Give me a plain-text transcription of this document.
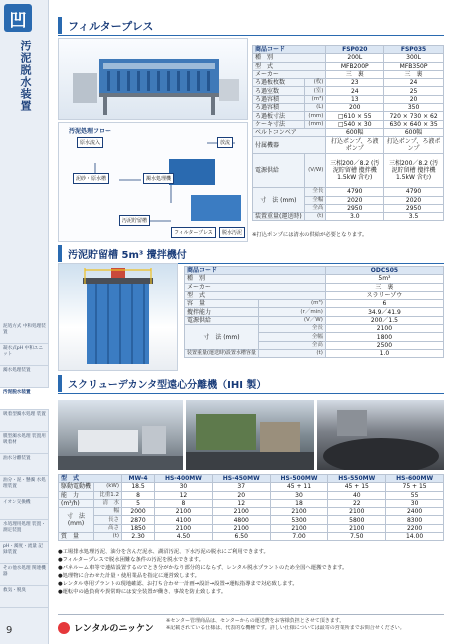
凹
汚泥脱水装置
泥処方式 中和処理装置
凝水式pH 中和ユニット
濁水処理装置
汚泥脱水装置
吸着型濁水処理 装置
膜型濁水処理 装置用吸着材
油水分離装置
油分・泥・懸濁 水処理装置
イオン交換機
水処理用処理 装置・測定装置
pH・濁度・流量 記録装置
その他水処理 関連機器
救気・脱臭
9
フィルタープレス
汚泥処理フロー
原水流入
泥砂・原水槽	濁水処理機
汚泥貯留槽
フィルタープレス	脱水汚泥
放流
商品コード		FSP020	FSP035
種　別		200L	300L
型　式		MFB200P	MFB350P
メーカー		三　裏	三　裏
ろ過板枚数	(枚)	23	24
ろ過室数	(室)	24	25
ろ過容積	(m³)	13	20
ろ過容積	(L)	200	350
ろ過板寸法	(mm)	□610 × 55	720 × 730 × 62
ケーキ寸法	(mm)	□540 × 30	630 × 640 × 35
ベルトコンベア		600幅	600幅
付属機器		打込ポンプ、ろ液ポンプ	打込ポンプ、ろ液ポンプ
電源供給	(V/W)	三相200／8.2 (汚泥貯留槽 攪拌機 1.5kW 含む)	三相200／8.2 (汚泥貯留槽 攪拌機 1.5kW 含む)
寸　法 (mm)	全長	4790	4790
	全幅	2020	2020
	全高	2950	2950
装置重量(運送時)	(t)	3.0	3.5
※打込ポンプには清水の供給が必要となります。
汚泥貯留槽 5m³ 攪拌機付
商品コード		ODCS05
種　別		5m³
メーカー		三　裏
型　式		スラリーゾウ
容　量	(m³)	6
攪拌能力	(r／min)	34.9／41.9
電源供給	(V／W)	200／1.5
寸　法 (mm)	全長	2100
	全幅	1800
	全高	2500
装置重量(運送時)設置水槽容量	(t)	1.0
スクリューデカンタ型遠心分離機（IHI 製）
型　式		MW-4	HS-400MW	HS-450MW	HS-500MW	HS-550MW	HS-600MW
駆動電動機	(kW)	18.5	30	37	45 + 11	45 + 15	75 + 15
能　力	比重1.2	8	12	20	30	40	55
(m³/h)	清　水	5	8	12	18	22	30
寸　法 (mm)	幅	2000	2100	2100	2100	2100	2400
	長さ	2870	4100	4800	5300	5800	8300
	高さ	1850	2100	2100	2100	2100	2200
質　量	(t)	2.30	4.50	6.50	7.00	7.50	14.00
●工場排水処理汚泥、油分を含んだ泥水、湖沼汚泥、下水汚泥の脱水にご利用できます。
●フィルタープレスで脱水困難な条件の汚泥を脱水できます。
●パネルーム車等で連結設置するのでとき分がかなり部分的にならず、レンタル脱水プラントのため全国へ運搬できます。
●処理物に合わせた計量・使用業品を指定に運営致します。
●レンタル専用プラントの現地確認、お打ち合わせ一計画→設計→設置→運転指導まで対応致します。
●運転中の過負荷や異常時には安全装置が働き、事故を防止致します。
レンタルのニッケン
※センター管理商品は、センターからの運送費をお客様負担とさせて頂きます。
※記載されている仕様は、代表的な機種です。詳しい仕様については最寄の営業所までお問合せください。
